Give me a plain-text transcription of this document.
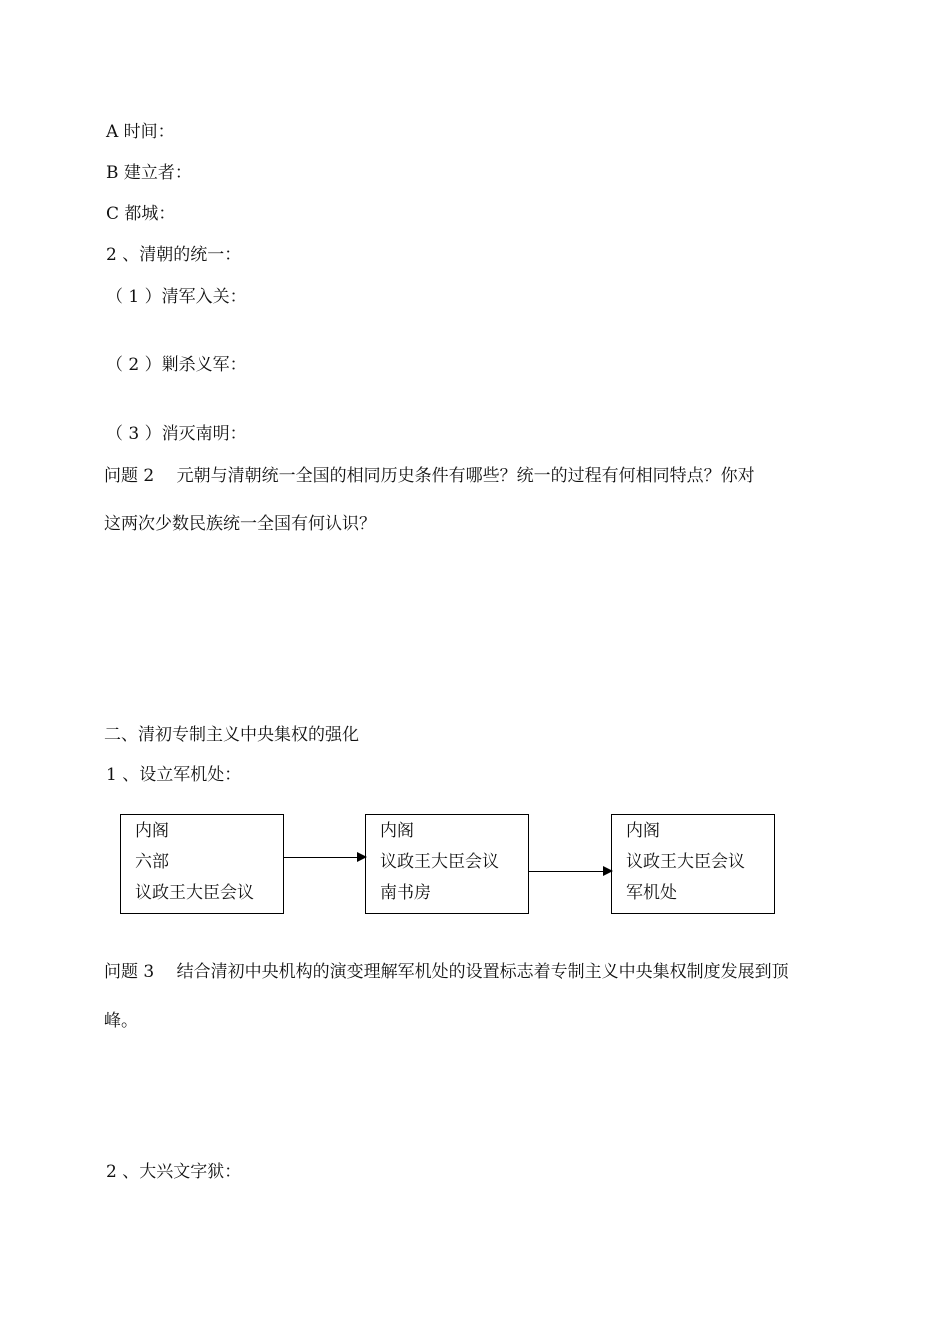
A 时间：
B 建立者：
C 都城：
2 、清朝的统一：
（ 1 ）清军入关：
（ 2 ）剿杀义军：
（ 3 ）消灭南明：
问题 2　 元朝与清朝统一全国的相同历史条件有哪些？统一的过程有何相同特点？你对
这两次少数民族统一全国有何认识？
二、清初专制主义中央集权的强化
1 、设立军机处：
内阁
六部
议政王大臣会议
内阁
议政王大臣会议
南书房
内阁
议政王大臣会议
军机处
问题 3　 结合清初中央机构的演变理解军机处的设置标志着专制主义中央集权制度发展到顶
峰。
2 、大兴文字狱：
